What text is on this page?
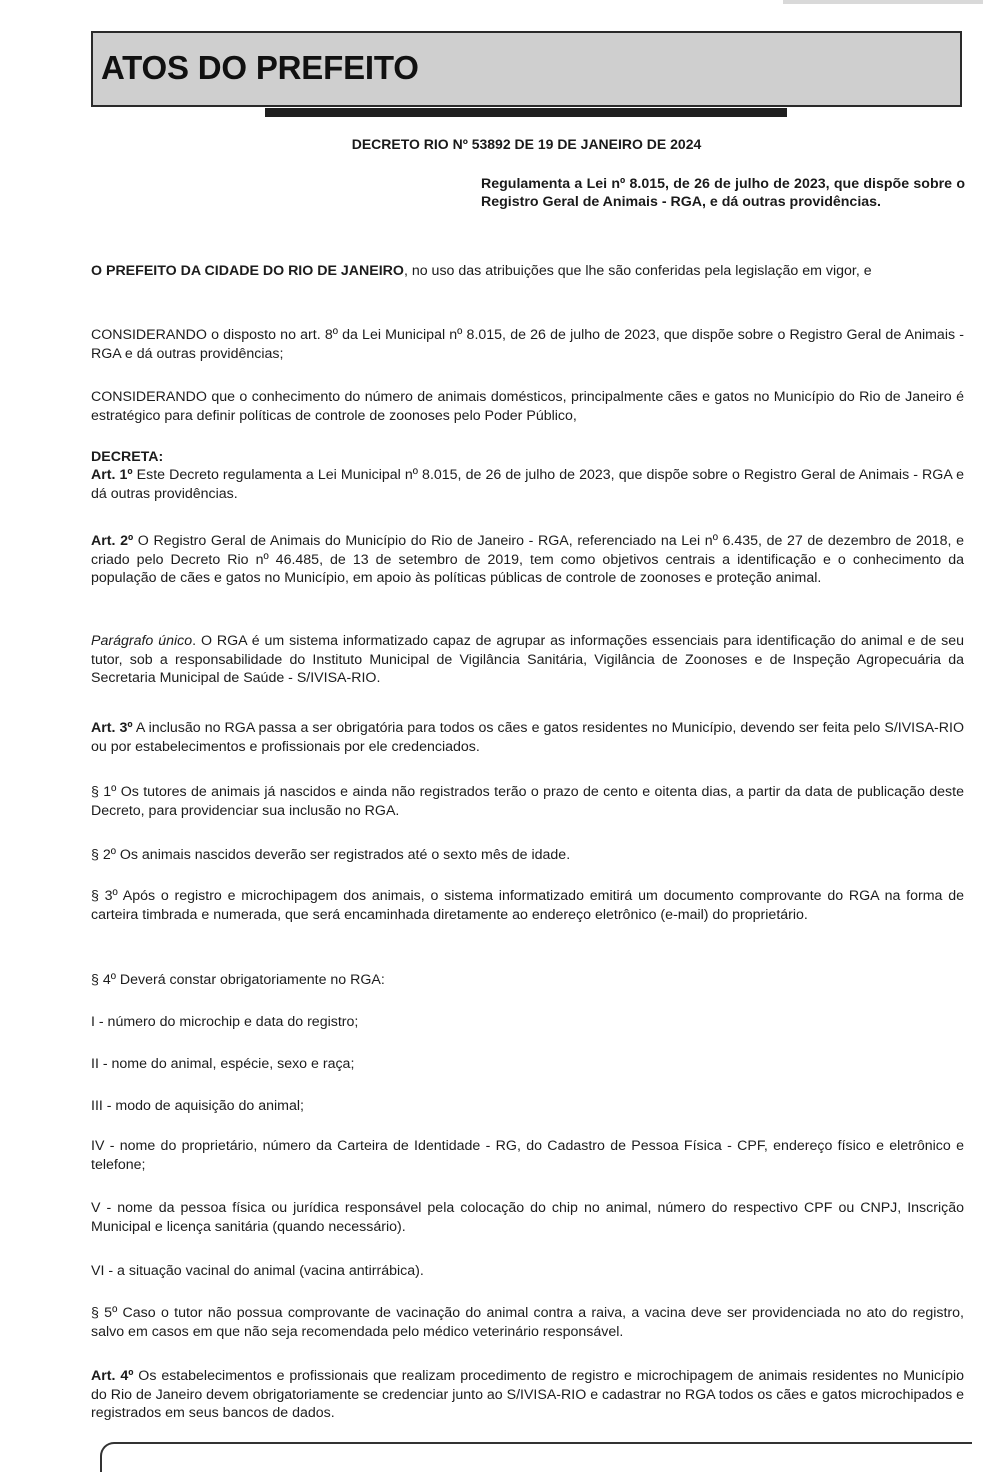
ATOS DO PREFEITO
DECRETO RIO Nº 53892 DE 19 DE JANEIRO DE 2024

Regulamenta a Lei nº 8.015, de 26 de julho de 2023, que dispõe sobre o Registro Geral de Animais - RGA, e dá outras providências.

O PREFEITO DA CIDADE DO RIO DE JANEIRO, no uso das atribuições que lhe são conferidas pela legislação em vigor, e

CONSIDERANDO o disposto no art. 8º da Lei Municipal nº 8.015, de 26 de julho de 2023, que dispõe sobre o Registro Geral de Animais - RGA e dá outras providências;

CONSIDERANDO que o conhecimento do número de animais domésticos, principalmente cães e gatos no Município do Rio de Janeiro é estratégico para definir políticas de controle de zoonoses pelo Poder Público,

DECRETA:

Art. 1º Este Decreto regulamenta a Lei Municipal nº 8.015, de 26 de julho de 2023, que dispõe sobre o Registro Geral de Animais - RGA e dá outras providências.

Art. 2º O Registro Geral de Animais do Município do Rio de Janeiro - RGA, referenciado na Lei nº 6.435, de 27 de dezembro de 2018, e criado pelo Decreto Rio nº 46.485, de 13 de setembro de 2019, tem como objetivos centrais a identificação e o conhecimento da população de cães e gatos no Município, em apoio às políticas públicas de controle de zoonoses e proteção animal.

Parágrafo único. O RGA é um sistema informatizado capaz de agrupar as informações essenciais para identificação do animal e de seu tutor, sob a responsabilidade do Instituto Municipal de Vigilância Sanitária, Vigilância de Zoonoses e de Inspeção Agropecuária da Secretaria Municipal de Saúde - S/IVISA-RIO.

Art. 3º A inclusão no RGA passa a ser obrigatória para todos os cães e gatos residentes no Município, devendo ser feita pelo S/IVISA-RIO ou por estabelecimentos e profissionais por ele credenciados.

§ 1º Os tutores de animais já nascidos e ainda não registrados terão o prazo de cento e oitenta dias, a partir da data de publicação deste Decreto, para providenciar sua inclusão no RGA.

§ 2º Os animais nascidos deverão ser registrados até o sexto mês de idade.

§ 3º Após o registro e microchipagem dos animais, o sistema informatizado emitirá um documento comprovante do RGA na forma de carteira timbrada e numerada, que será encaminhada diretamente ao endereço eletrônico (e-mail) do proprietário.

§ 4º Deverá constar obrigatoriamente no RGA:

I - número do microchip e data do registro;

II - nome do animal, espécie, sexo e raça;

III - modo de aquisição do animal;

IV - nome do proprietário, número da Carteira de Identidade - RG, do Cadastro de Pessoa Física - CPF, endereço físico e eletrônico e telefone;

V - nome da pessoa física ou jurídica responsável pela colocação do chip no animal, número do respectivo CPF ou CNPJ, Inscrição Municipal e licença sanitária (quando necessário).

VI - a situação vacinal do animal (vacina antirrábica).

§ 5º Caso o tutor não possua comprovante de vacinação do animal contra a raiva, a vacina deve ser providenciada no ato do registro, salvo em casos em que não seja recomendada pelo médico veterinário responsável.

Art. 4º Os estabelecimentos e profissionais que realizam procedimento de registro e microchipagem de animais residentes no Município do Rio de Janeiro devem obrigatoriamente se credenciar junto ao S/IVISA-RIO e cadastrar no RGA todos os cães e gatos microchipados e registrados em seus bancos de dados.
